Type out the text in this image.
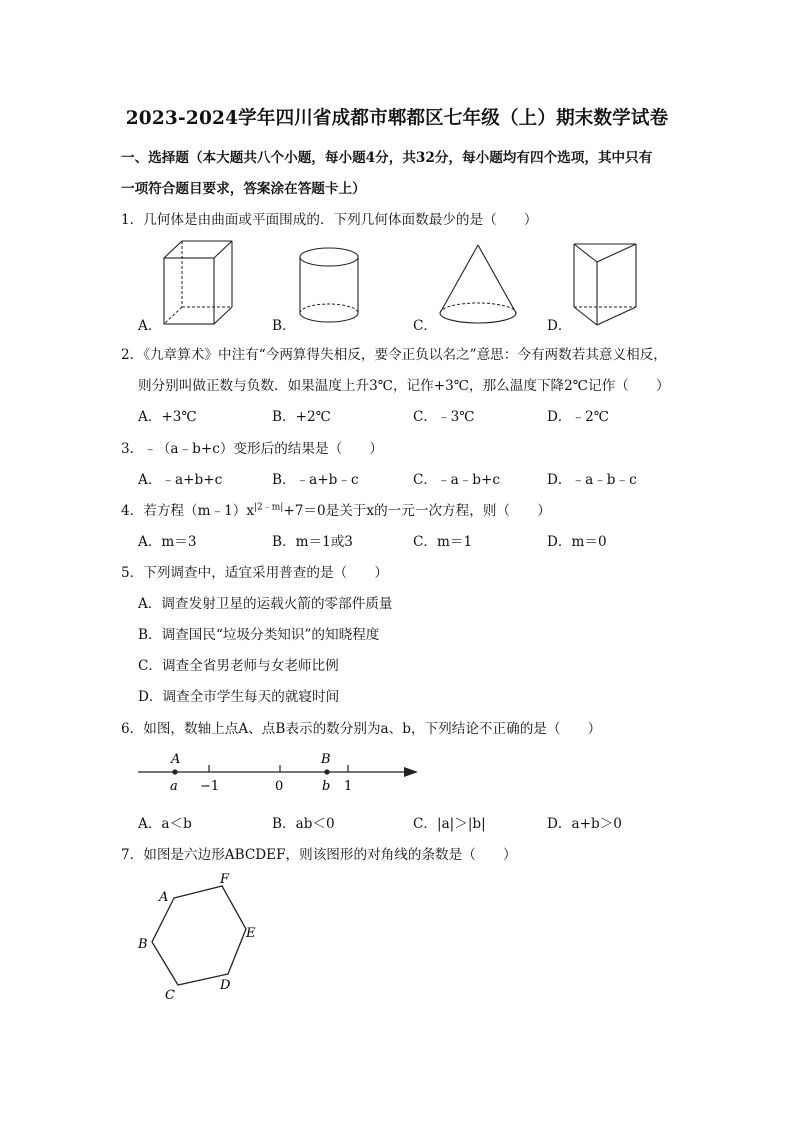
2023-2024学年四川省成都市郫都区七年级（上）期末数学试卷
一、选择题（本大题共八个小题，每小题4分，共32分，每小题均有四个选项，其中只有
一项符合题目要求，答案涂在答题卡上）
1．几何体是由曲面或平面围成的．下列几何体面数最少的是（　　）
A．	B．	C．	D．
2．《九章算术》中注有“今两算得失相反，要令正负以名之”意思：今有两数若其意义相反，
则分别叫做正数与负数．如果温度上升3℃，记作+3℃，那么温度下降2℃记作（　　）
A．+3℃	B．+2℃	C．﹣3℃	D．﹣2℃
3．﹣（a﹣b+c）变形后的结果是（　　）
A．﹣a+b+c	B．﹣a+b﹣c	C．﹣a﹣b+c	D．﹣a﹣b﹣c
4．若方程$(m﹣1)x^{|2﹣m|}+7=0$是关于x的一元一次方程，则（　　）
A．m＝3	B．m＝1或3	C．m＝1	D．m＝0
5．下列调查中，适宜采用普查的是（　　）
A．调查发射卫星的运载火箭的零部件质量
B．调查国民“垃圾分类知识”的知晓程度
C．调查全省男老师与女老师比例
D．调查全市学生每天的就寝时间
6．如图，数轴上点A、点B表示的数分别为a、b，下列结论不正确的是（　　）
A
a −1	0
B
b 1
A．a＜b	B．ab＜0	C．|a|＞|b|	D．a+b＞0
7．如图是六边形ABCDEF，则该图形的对角线的条数是（　　）
A
B
C
D
E
F
